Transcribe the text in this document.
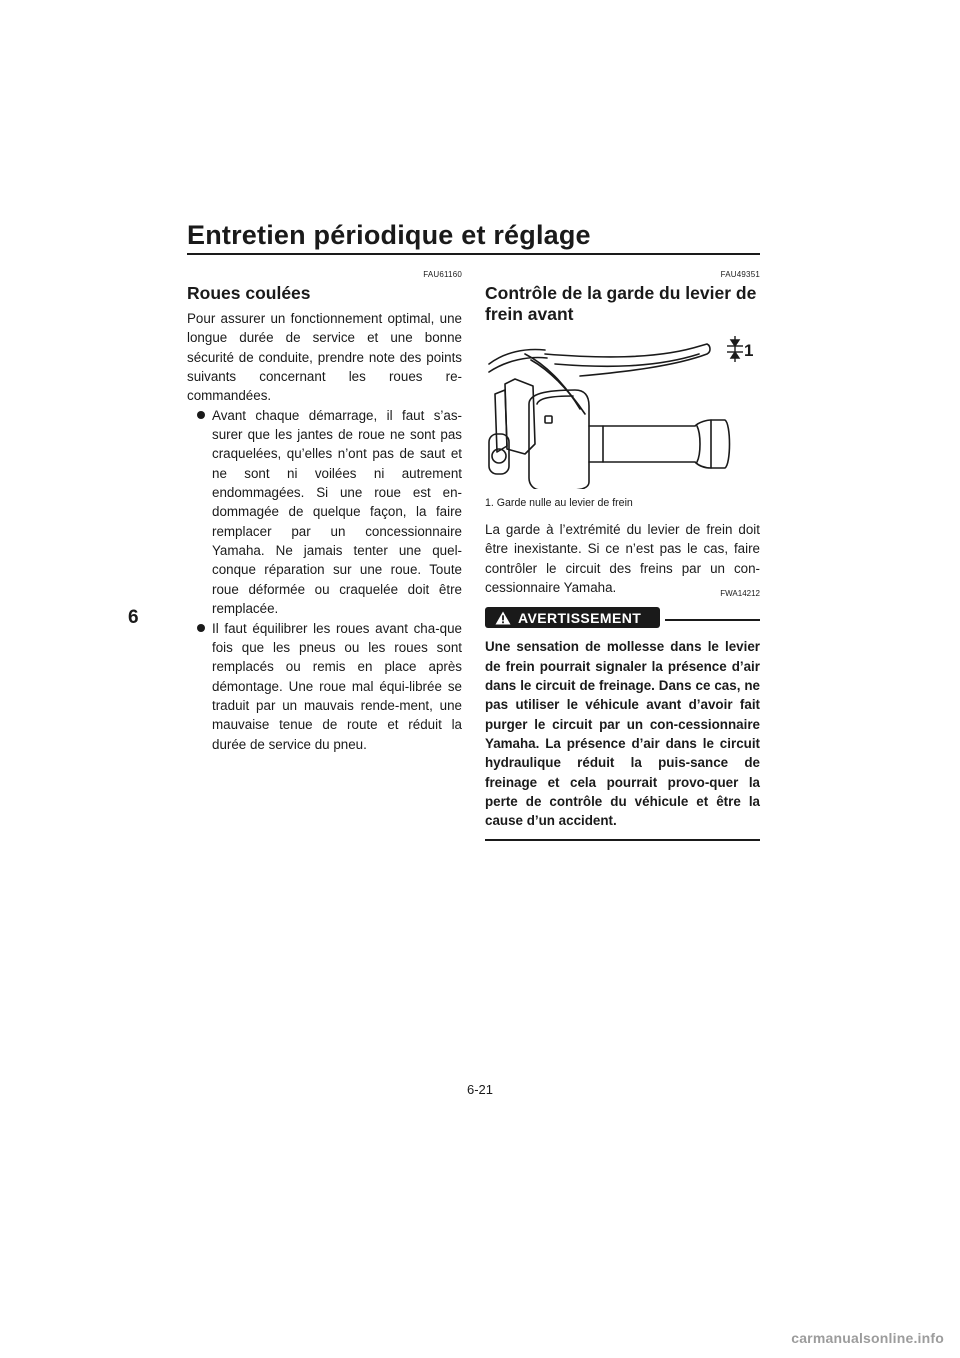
Entretien périodique et réglage
6
FAU61160
Roues coulées

Pour assurer un fonctionnement optimal, une longue durée de service et une bonne sécurité de conduite, prendre note des points suivants concernant les roues re-commandées.

Avant chaque démarrage, il faut s’as-surer que les jantes de roue ne sont pas craquelées, qu’elles n’ont pas de saut et ne sont ni voilées ni autrement endommagées. Si une roue est en-dommagée de quelque façon, la faire remplacer par un concessionnaire Yamaha. Ne jamais tenter une quel-conque réparation sur une roue. Toute roue déformée ou craquelée doit être remplacée.
Il faut équilibrer les roues avant cha-que fois que les pneus ou les roues sont remplacés ou remis en place après démontage. Une roue mal équi-librée se traduit par un mauvais rende-ment, une mauvaise tenue de route et réduit la durée de service du pneu.
FAU49351
Contrôle de la garde du levier de frein avant
1
1. Garde nulle au levier de frein

La garde à l’extrémité du levier de frein doit être inexistante. Si ce n’est pas le cas, faire contrôler le circuit des freins par un con-cessionnaire Yamaha.	FWA14212
AVERTISSEMENT
Une sensation de mollesse dans le levier de frein pourrait signaler la présence d’air dans le circuit de freinage. Dans ce cas, ne pas utiliser le véhicule avant d’avoir fait purger le circuit par un con-cessionnaire Yamaha. La présence d’air dans le circuit hydraulique réduit la puis-sance de freinage et cela pourrait provo-quer la perte de contrôle du véhicule et être la cause d’un accident.
6-21
carmanualsonline.info
